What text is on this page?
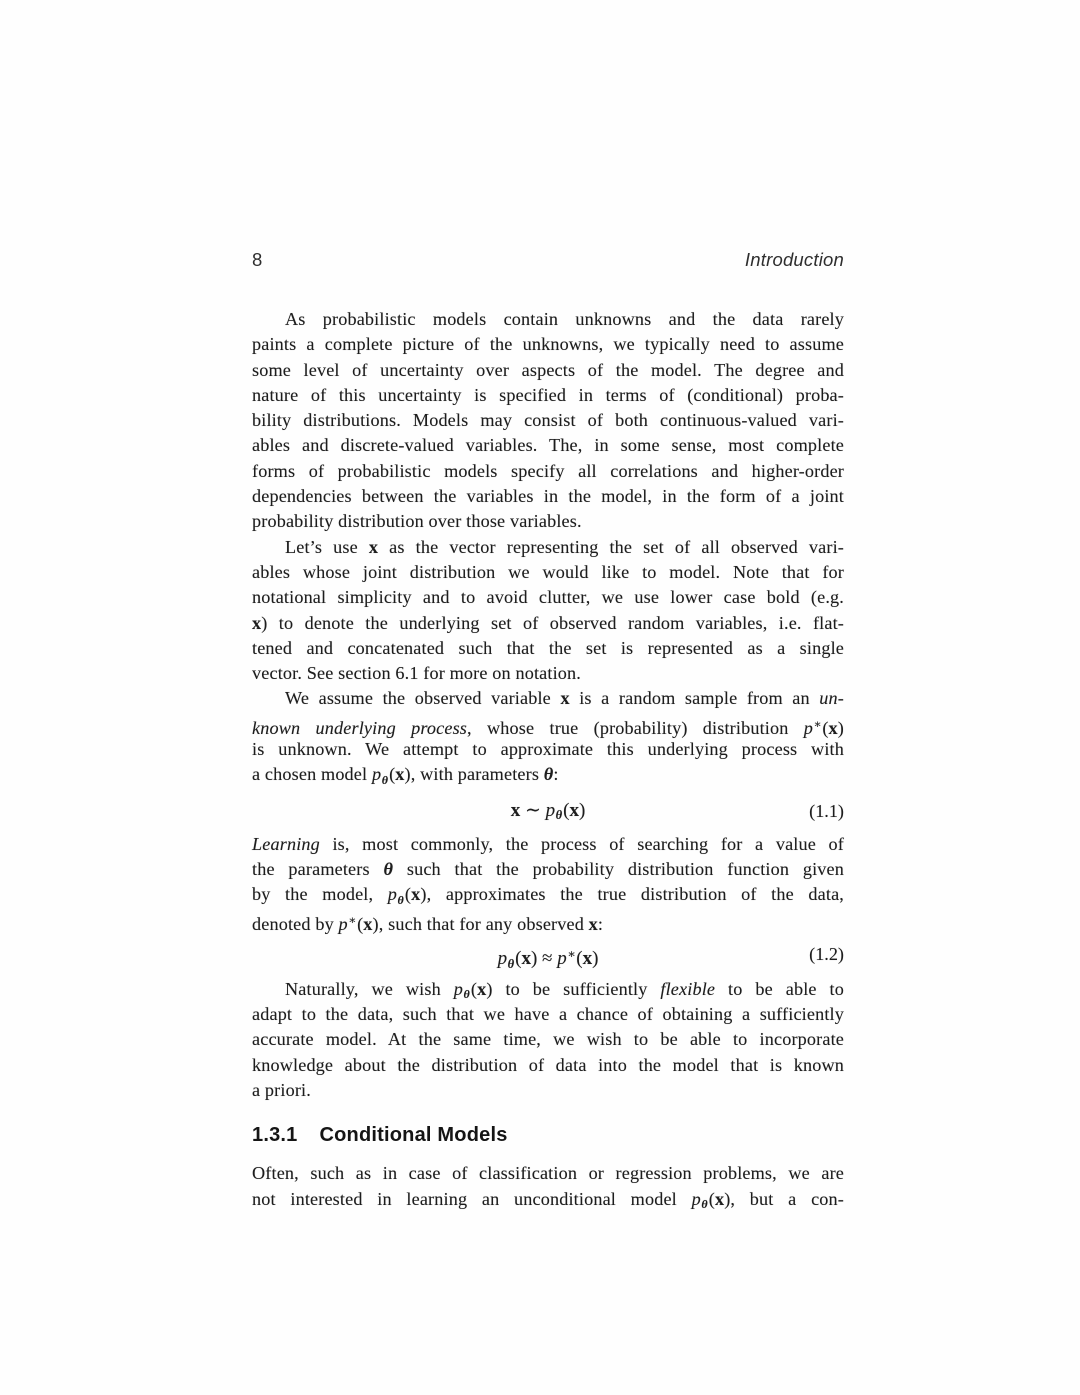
8	Introduction
As probabilistic models contain unknowns and the data rarely
paints a complete picture of the unknowns, we typically need to assume
some level of uncertainty over aspects of the model. The degree and
nature of this uncertainty is specified in terms of (conditional) proba-
bility distributions. Models may consist of both continuous-valued vari-
ables and discrete-valued variables. The, in some sense, most complete
forms of probabilistic models specify all correlations and higher-order
dependencies between the variables in the model, in the form of a joint
probability distribution over those variables.
Let’s use x as the vector representing the set of all observed vari-
ables whose joint distribution we would like to model. Note that for
notational simplicity and to avoid clutter, we use lower case bold (e.g.
x) to denote the underlying set of observed random variables, i.e. flat-
tened and concatenated such that the set is represented as a single
vector. See section 6.1 for more on notation.
We assume the observed variable x is a random sample from an un-
known underlying process, whose true (probability) distribution p∗(x)
is unknown. We attempt to approximate this underlying process with
a chosen model pθ(x), with parameters θ:
x ∼ pθ(x)	(1.1)
Learning is, most commonly, the process of searching for a value of
the parameters θ such that the probability distribution function given
by the model, pθ(x), approximates the true distribution of the data,
denoted by p∗(x), such that for any observed x:
pθ(x) ≈ p∗(x)	(1.2)
Naturally, we wish pθ(x) to be sufficiently flexible to be able to
adapt to the data, such that we have a chance of obtaining a sufficiently
accurate model. At the same time, we wish to be able to incorporate
knowledge about the distribution of data into the model that is known
a priori.
1.3.1 Conditional Models
Often, such as in case of classification or regression problems, we are
not interested in learning an unconditional model pθ(x), but a con-
